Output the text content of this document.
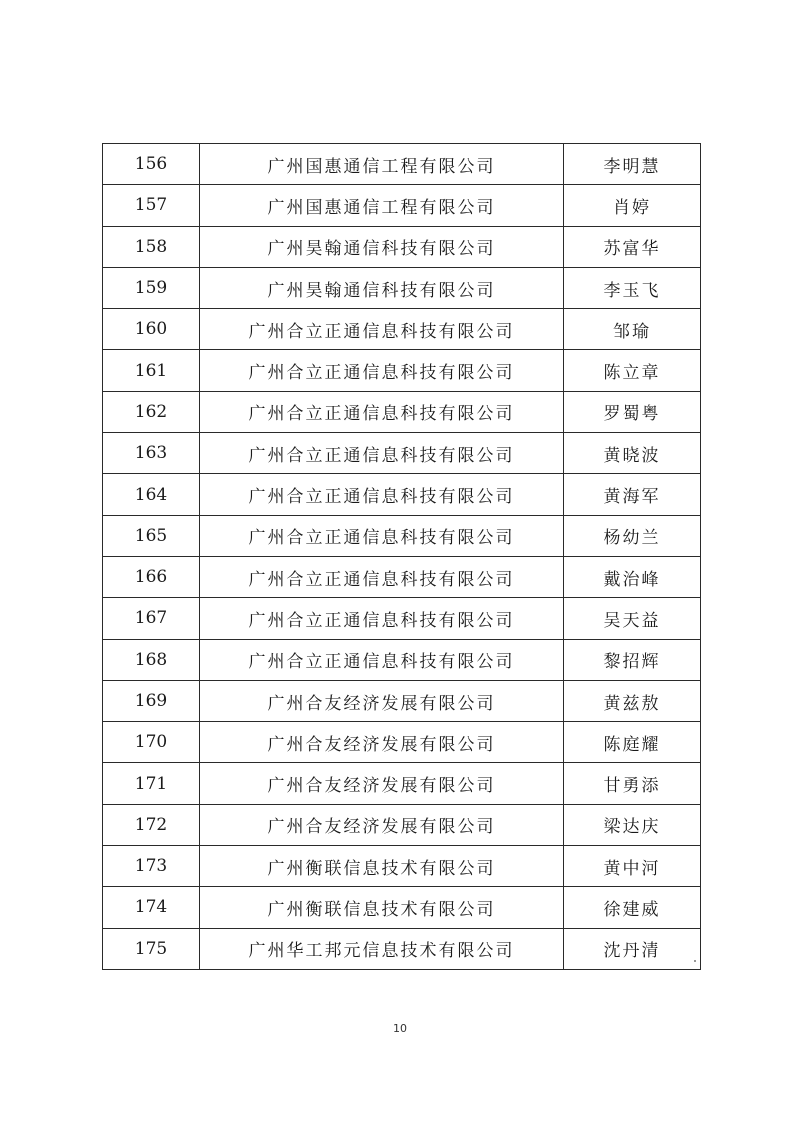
156	广州国惠通信工程有限公司	李明慧
157	广州国惠通信工程有限公司	肖婷
158	广州昊翰通信科技有限公司	苏富华
159	广州昊翰通信科技有限公司	李玉飞
160	广州合立正通信息科技有限公司	邹瑜
161	广州合立正通信息科技有限公司	陈立章
162	广州合立正通信息科技有限公司	罗蜀粤
163	广州合立正通信息科技有限公司	黄晓波
164	广州合立正通信息科技有限公司	黄海军
165	广州合立正通信息科技有限公司	杨幼兰
166	广州合立正通信息科技有限公司	戴治峰
167	广州合立正通信息科技有限公司	吴天益
168	广州合立正通信息科技有限公司	黎招辉
169	广州合友经济发展有限公司	黄兹敖
170	广州合友经济发展有限公司	陈庭耀
171	广州合友经济发展有限公司	甘勇添
172	广州合友经济发展有限公司	梁达庆
173	广州衡联信息技术有限公司	黄中河
174	广州衡联信息技术有限公司	徐建威
175	广州华工邦元信息技术有限公司	沈丹清
10
